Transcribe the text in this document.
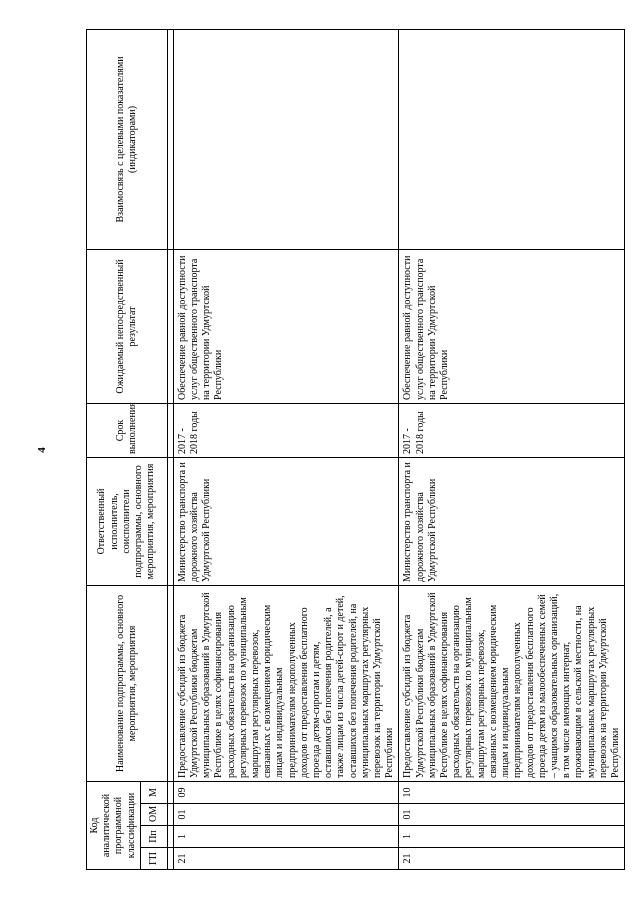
4
Код аналитической программной классификации				Наименование подпрограммы, основного мероприятия, мероприятия	Ответственный исполнитель, соисполнители подпрограммы, основного мероприятия, мероприятия	Срок выполнения	Ожидаемый непосредственный результат	Взаимосвязь с целевыми показателями (индикаторами)
ГП	Пп	ОМ	М					

21	1	01	09	Предоставление субсидий из бюджета Удмуртской Республики бюджетам муниципальных образований в Удмуртской Республике в целях софинансирования расходных обязательств на организацию регулярных перевозок по муниципальным маршрутам регулярных перевозок, связанных с возмещением юридическим лицам и индивидуальным предпринимателям недополученных доходов от предоставления бесплатного проезда детям-сиротам и детям, оставшимся без попечения родителей, а также лицам из числа детей-сирот и детей, оставшихся без попечения родителей, на муниципальных маршрутах регулярных перевозок на территории Удмуртской Республики	Министерство транспорта и дорожного хозяйства Удмуртской Республики	2017 - 2018 годы	Обеспечение равной доступности услуг общественного транспорта на территории Удмуртской Республики	
21	1	01	10	Предоставление субсидий из бюджета Удмуртской Республики бюджетам муниципальных образований в Удмуртской Республике в целях софинансирования расходных обязательств на организацию регулярных перевозок по муниципальным маршрутам регулярных перевозок, связанных с возмещением юридическим лицам и индивидуальным предпринимателям недополученных доходов от предоставления бесплатного проезда детям из малообеспеченных семей – учащимся образовательных организаций, в том числе имеющих интернат, проживающим в сельской местности, на муниципальных маршрутах регулярных перевозок на территории Удмуртской Республики	Министерство транспорта и дорожного хозяйства Удмуртской Республики	2017 - 2018 годы	Обеспечение равной доступности услуг общественного транспорта на территории Удмуртской Республики	
